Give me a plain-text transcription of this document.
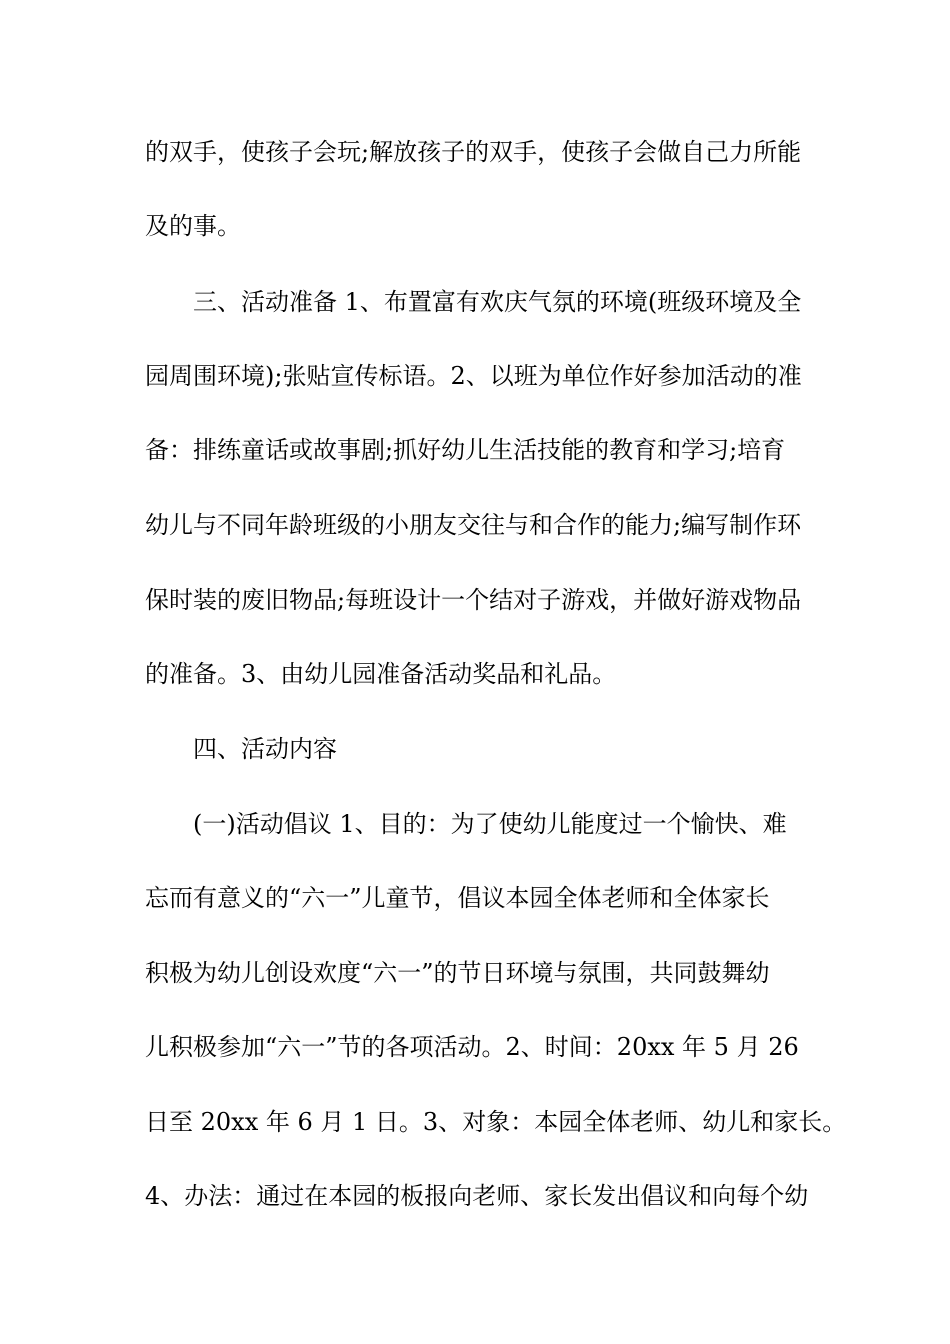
的双手，使孩子会玩;解放孩子的双手，使孩子会做自己力所能
及的事。
三、活动准备 1、布置富有欢庆气氛的环境(班级环境及全
园周围环境);张贴宣传标语。2、以班为单位作好参加活动的准
备：排练童话或故事剧;抓好幼儿生活技能的教育和学习;培育
幼儿与不同年龄班级的小朋友交往与和合作的能力;编写制作环
保时装的废旧物品;每班设计一个结对子游戏，并做好游戏物品
的准备。3、由幼儿园准备活动奖品和礼品。
四、活动内容
(一)活动倡议 1、目的：为了使幼儿能度过一个愉快、难
忘而有意义的“六一”儿童节，倡议本园全体老师和全体家长
积极为幼儿创设欢度“六一”的节日环境与氛围，共同鼓舞幼
儿积极参加“六一”节的各项活动。2、时间：20xx 年 5 月 26
日至 20xx 年 6 月 1 日。3、对象：本园全体老师、幼儿和家长。
4、办法：通过在本园的板报向老师、家长发出倡议和向每个幼
